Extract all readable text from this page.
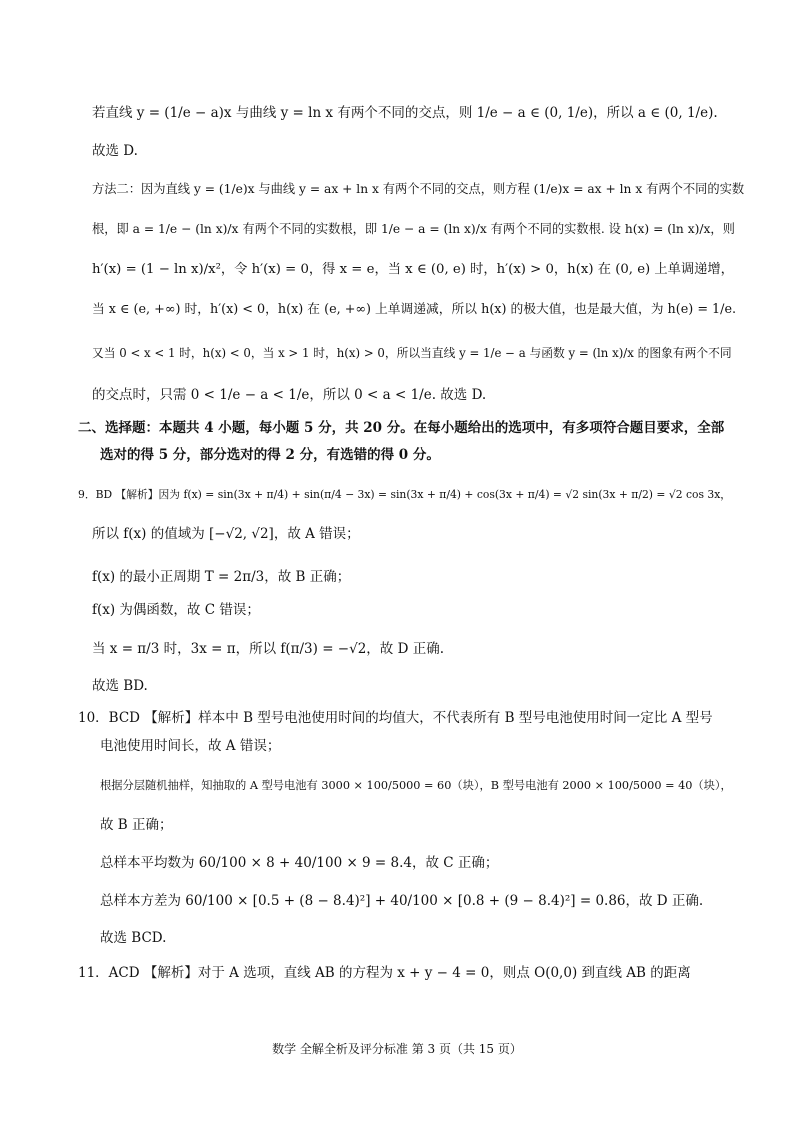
若直线 y = (1/e − a)x 与曲线 y = ln x 有两个不同的交点，则 1/e − a ∈ (0, 1/e)，所以 a ∈ (0, 1/e).
故选 D.
方法二：因为直线 y = (1/e)x 与曲线 y = ax + ln x 有两个不同的交点，则方程 (1/e)x = ax + ln x 有两个不同的实数
根，即 a = 1/e − (ln x)/x 有两个不同的实数根，即 1/e − a = (ln x)/x 有两个不同的实数根. 设 h(x) = (ln x)/x，则
h′(x) = (1 − ln x)/x²，令 h′(x) = 0，得 x = e，当 x ∈ (0, e) 时，h′(x) > 0，h(x) 在 (0, e) 上单调递增，
当 x ∈ (e, +∞) 时，h′(x) < 0，h(x) 在 (e, +∞) 上单调递减，所以 h(x) 的极大值，也是最大值，为 h(e) = 1/e.
又当 0 < x < 1 时，h(x) < 0，当 x > 1 时，h(x) > 0，所以当直线 y = 1/e − a 与函数 y = (ln x)/x 的图象有两个不同
的交点时，只需 0 < 1/e − a < 1/e，所以 0 < a < 1/e. 故选 D.
二、选择题：本题共 4 小题，每小题 5 分，共 20 分。在每小题给出的选项中，有多项符合题目要求，全部
选对的得 5 分，部分选对的得 2 分，有选错的得 0 分。
9．BD 【解析】因为 f(x) = sin(3x + π/4) + sin(π/4 − 3x) = sin(3x + π/4) + cos(3x + π/4) = √2 sin(3x + π/2) = √2 cos 3x，
所以 f(x) 的值域为 [−√2, √2]，故 A 错误；
f(x) 的最小正周期 T = 2π/3，故 B 正确；
f(x) 为偶函数，故 C 错误；
当 x = π/3 时，3x = π，所以 f(π/3) = −√2，故 D 正确.
故选 BD.
10．BCD 【解析】样本中 B 型号电池使用时间的均值大，不代表所有 B 型号电池使用时间一定比 A 型号
电池使用时间长，故 A 错误；
根据分层随机抽样，知抽取的 A 型号电池有 3000 × 100/5000 = 60（块），B 型号电池有 2000 × 100/5000 = 40（块），
故 B 正确；
总样本平均数为 60/100 × 8 + 40/100 × 9 = 8.4，故 C 正确；
总样本方差为 60/100 × [0.5 + (8 − 8.4)²] + 40/100 × [0.8 + (9 − 8.4)²] = 0.86，故 D 正确.
故选 BCD.
11．ACD 【解析】对于 A 选项，直线 AB 的方程为 x + y − 4 = 0，则点 O(0,0) 到直线 AB 的距离
数学 全解全析及评分标准 第 3 页（共 15 页）
